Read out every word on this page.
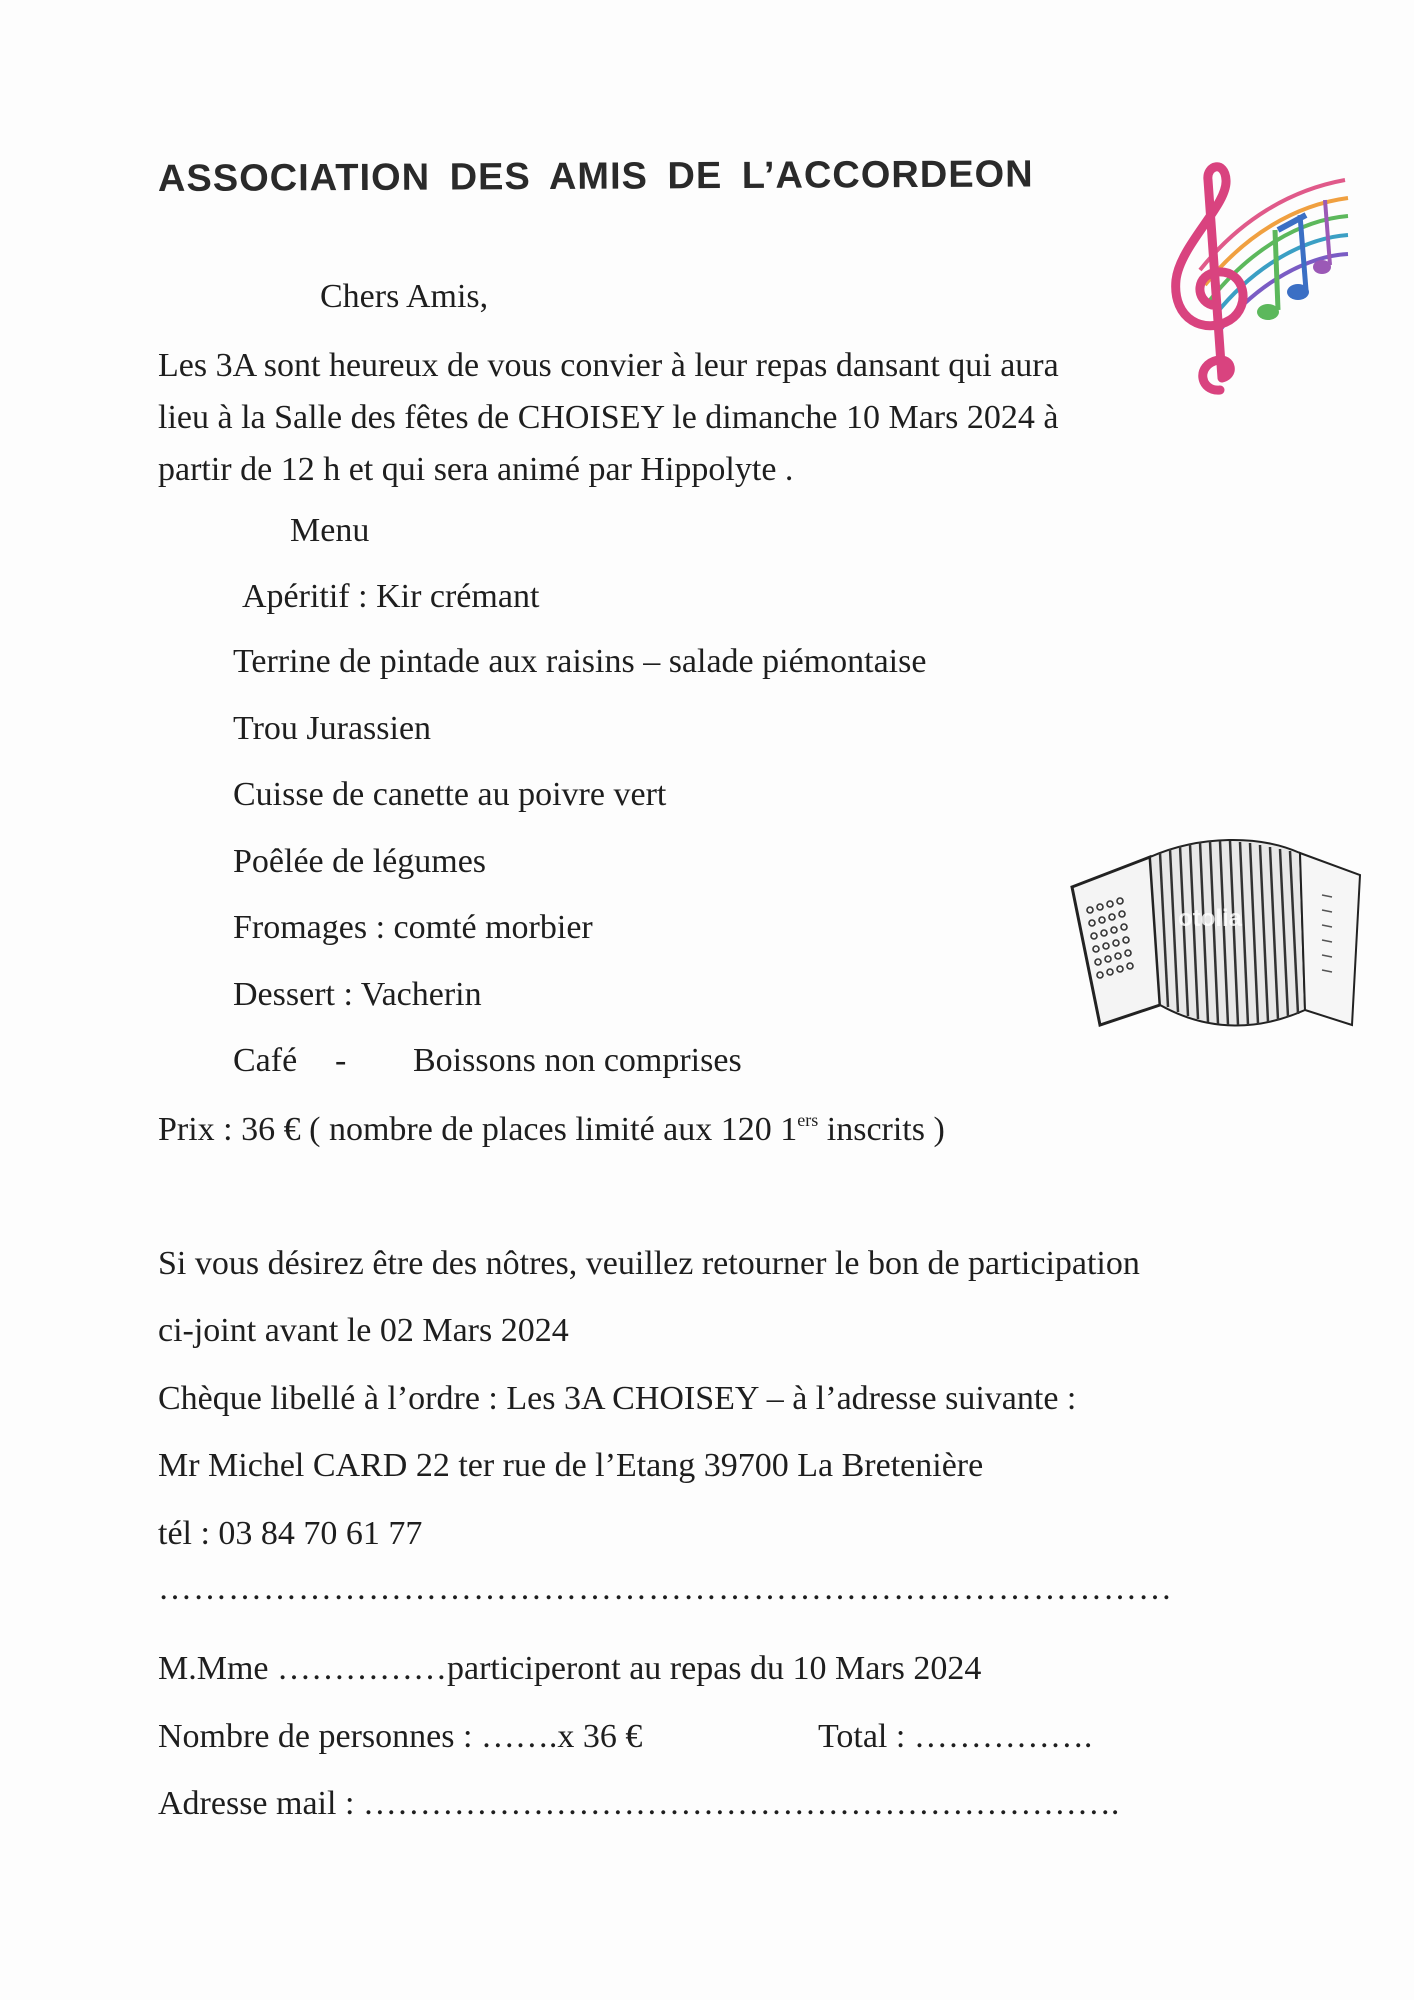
ASSOCIATION DES AMIS DE L’ACCORDEON
Chers Amis,
Les 3A sont heureux de vous convier à leur repas dansant qui aura
lieu à la Salle des fêtes de CHOISEY le dimanche 10 Mars 2024 à
partir de 12 h et qui sera animé par Hippolyte .
Menu
Apéritif : Kir crémant
Terrine de pintade aux raisins – salade piémontaise
Trou Jurassien
Cuisse de canette au poivre vert
Poêlée de légumes
Fromages : comté morbier
Dessert : Vacherin
Café - Boissons non comprises
otolia
Prix : 36 € ( nombre de places limité aux 120 1ers inscrits )
Si vous désirez être des nôtres, veuillez retourner le bon de participation
ci-joint avant le 02 Mars 2024
Chèque libellé à l’ordre : Les 3A CHOISEY – à l’adresse suivante :
Mr Michel CARD 22 ter rue de l’Etang 39700 La Bretenière
tél : 03 84 70 61 77
……………………………………………………………………………
M.Mme ……………participeront au repas du 10 Mars 2024
Nombre de personnes : …….x 36 €	Total : …………….
Adresse mail : ………………………………………………………….
